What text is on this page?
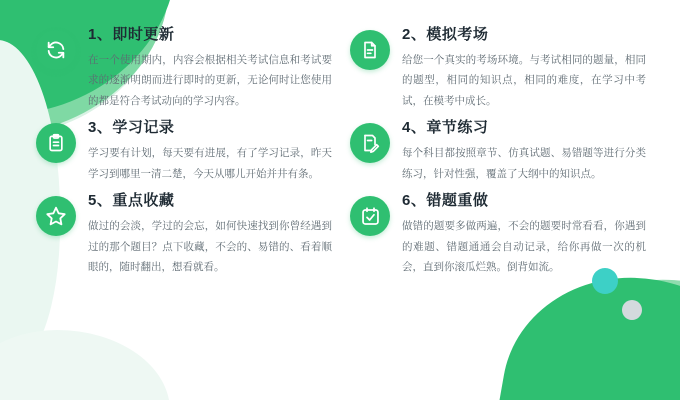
1、即时更新

在一个使用期内，内容会根据相关考试信息和考试要求的逐渐明朗而进行即时的更新，无论何时让您使用的都是符合考试动向的学习内容。

2、模拟考场

给您一个真实的考场环境。与考试相同的题量，相同的题型，相同的知识点，相同的难度，在学习中考试，在模考中成长。

3、学习记录

学习要有计划，每天要有进展，有了学习记录，昨天学习到哪里一清二楚，今天从哪儿开始并井有条。

4、章节练习

每个科目都按照章节、仿真试题、易错题等进行分类练习，针对性强，覆盖了大纲中的知识点。

5、重点收藏

做过的会淡，学过的会忘，如何快速找到你曾经遇到过的那个题目？点下收藏，不会的、易错的、看着顺眼的，随时翻出，想看就看。

6、错题重做

做错的题要多做两遍，不会的题要时常看看，你遇到的难题、错题通通会自动记录，给你再做一次的机会，直到你滚瓜烂熟。倒背如流。
